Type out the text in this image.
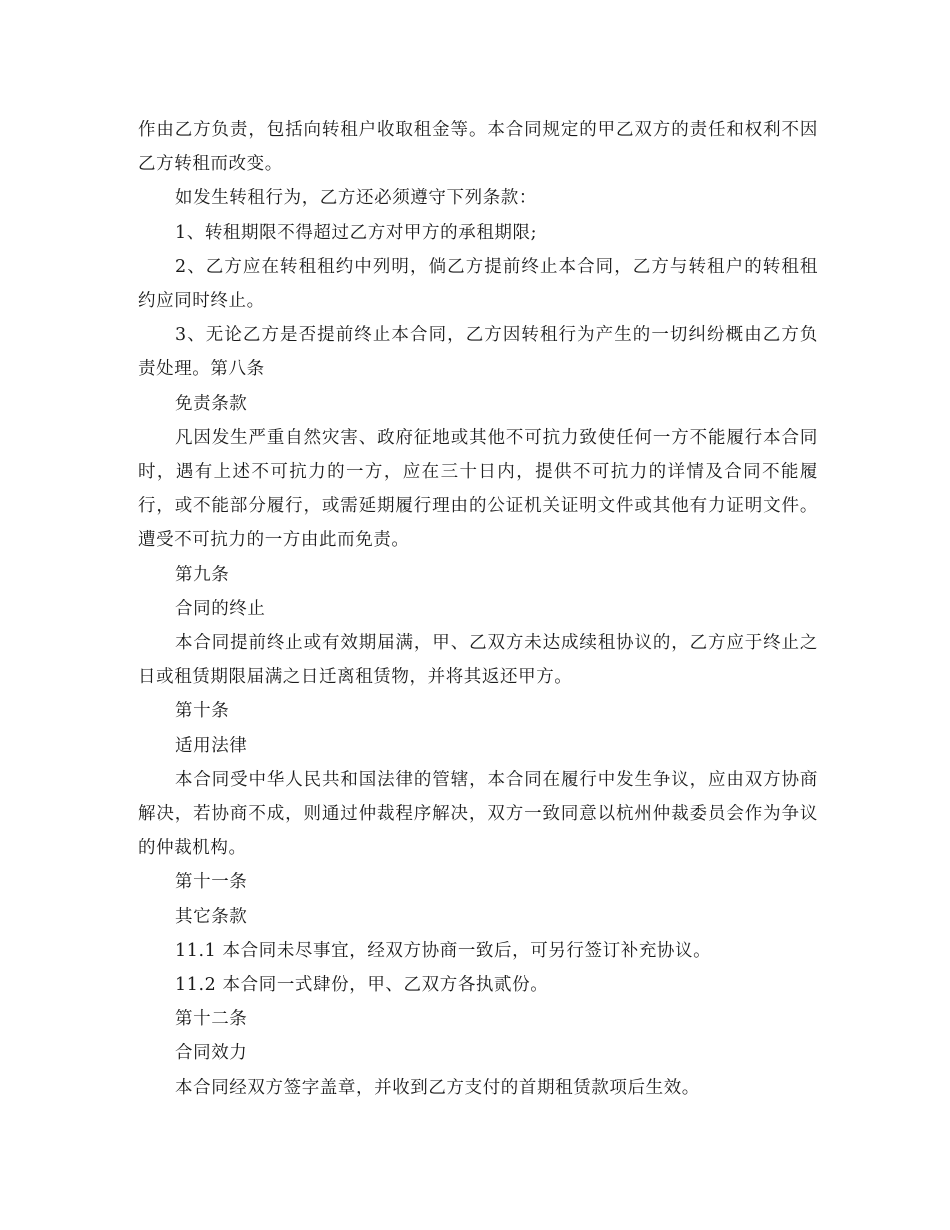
作由乙方负责，包括向转租户收取租金等。本合同规定的甲乙双方的责任和权利不因乙方转租而改变。

如发生转租行为，乙方还必须遵守下列条款：

1、转租期限不得超过乙方对甲方的承租期限;

2、乙方应在转租租约中列明，倘乙方提前终止本合同，乙方与转租户的转租租约应同时终止。

3、无论乙方是否提前终止本合同，乙方因转租行为产生的一切纠纷概由乙方负责处理。第八条

免责条款

凡因发生严重自然灾害、政府征地或其他不可抗力致使任何一方不能履行本合同时，遇有上述不可抗力的一方，应在三十日内，提供不可抗力的详情及合同不能履行，或不能部分履行，或需延期履行理由的公证机关证明文件或其他有力证明文件。遭受不可抗力的一方由此而免责。

第九条

合同的终止

本合同提前终止或有效期届满，甲、乙双方未达成续租协议的，乙方应于终止之日或租赁期限届满之日迁离租赁物，并将其返还甲方。

第十条

适用法律

本合同受中华人民共和国法律的管辖，本合同在履行中发生争议，应由双方协商解决，若协商不成，则通过仲裁程序解决，双方一致同意以杭州仲裁委员会作为争议的仲裁机构。

第十一条

其它条款

11.1 本合同未尽事宜，经双方协商一致后，可另行签订补充协议。

11.2 本合同一式肆份，甲、乙双方各执贰份。

第十二条

合同效力

本合同经双方签字盖章，并收到乙方支付的首期租赁款项后生效。
